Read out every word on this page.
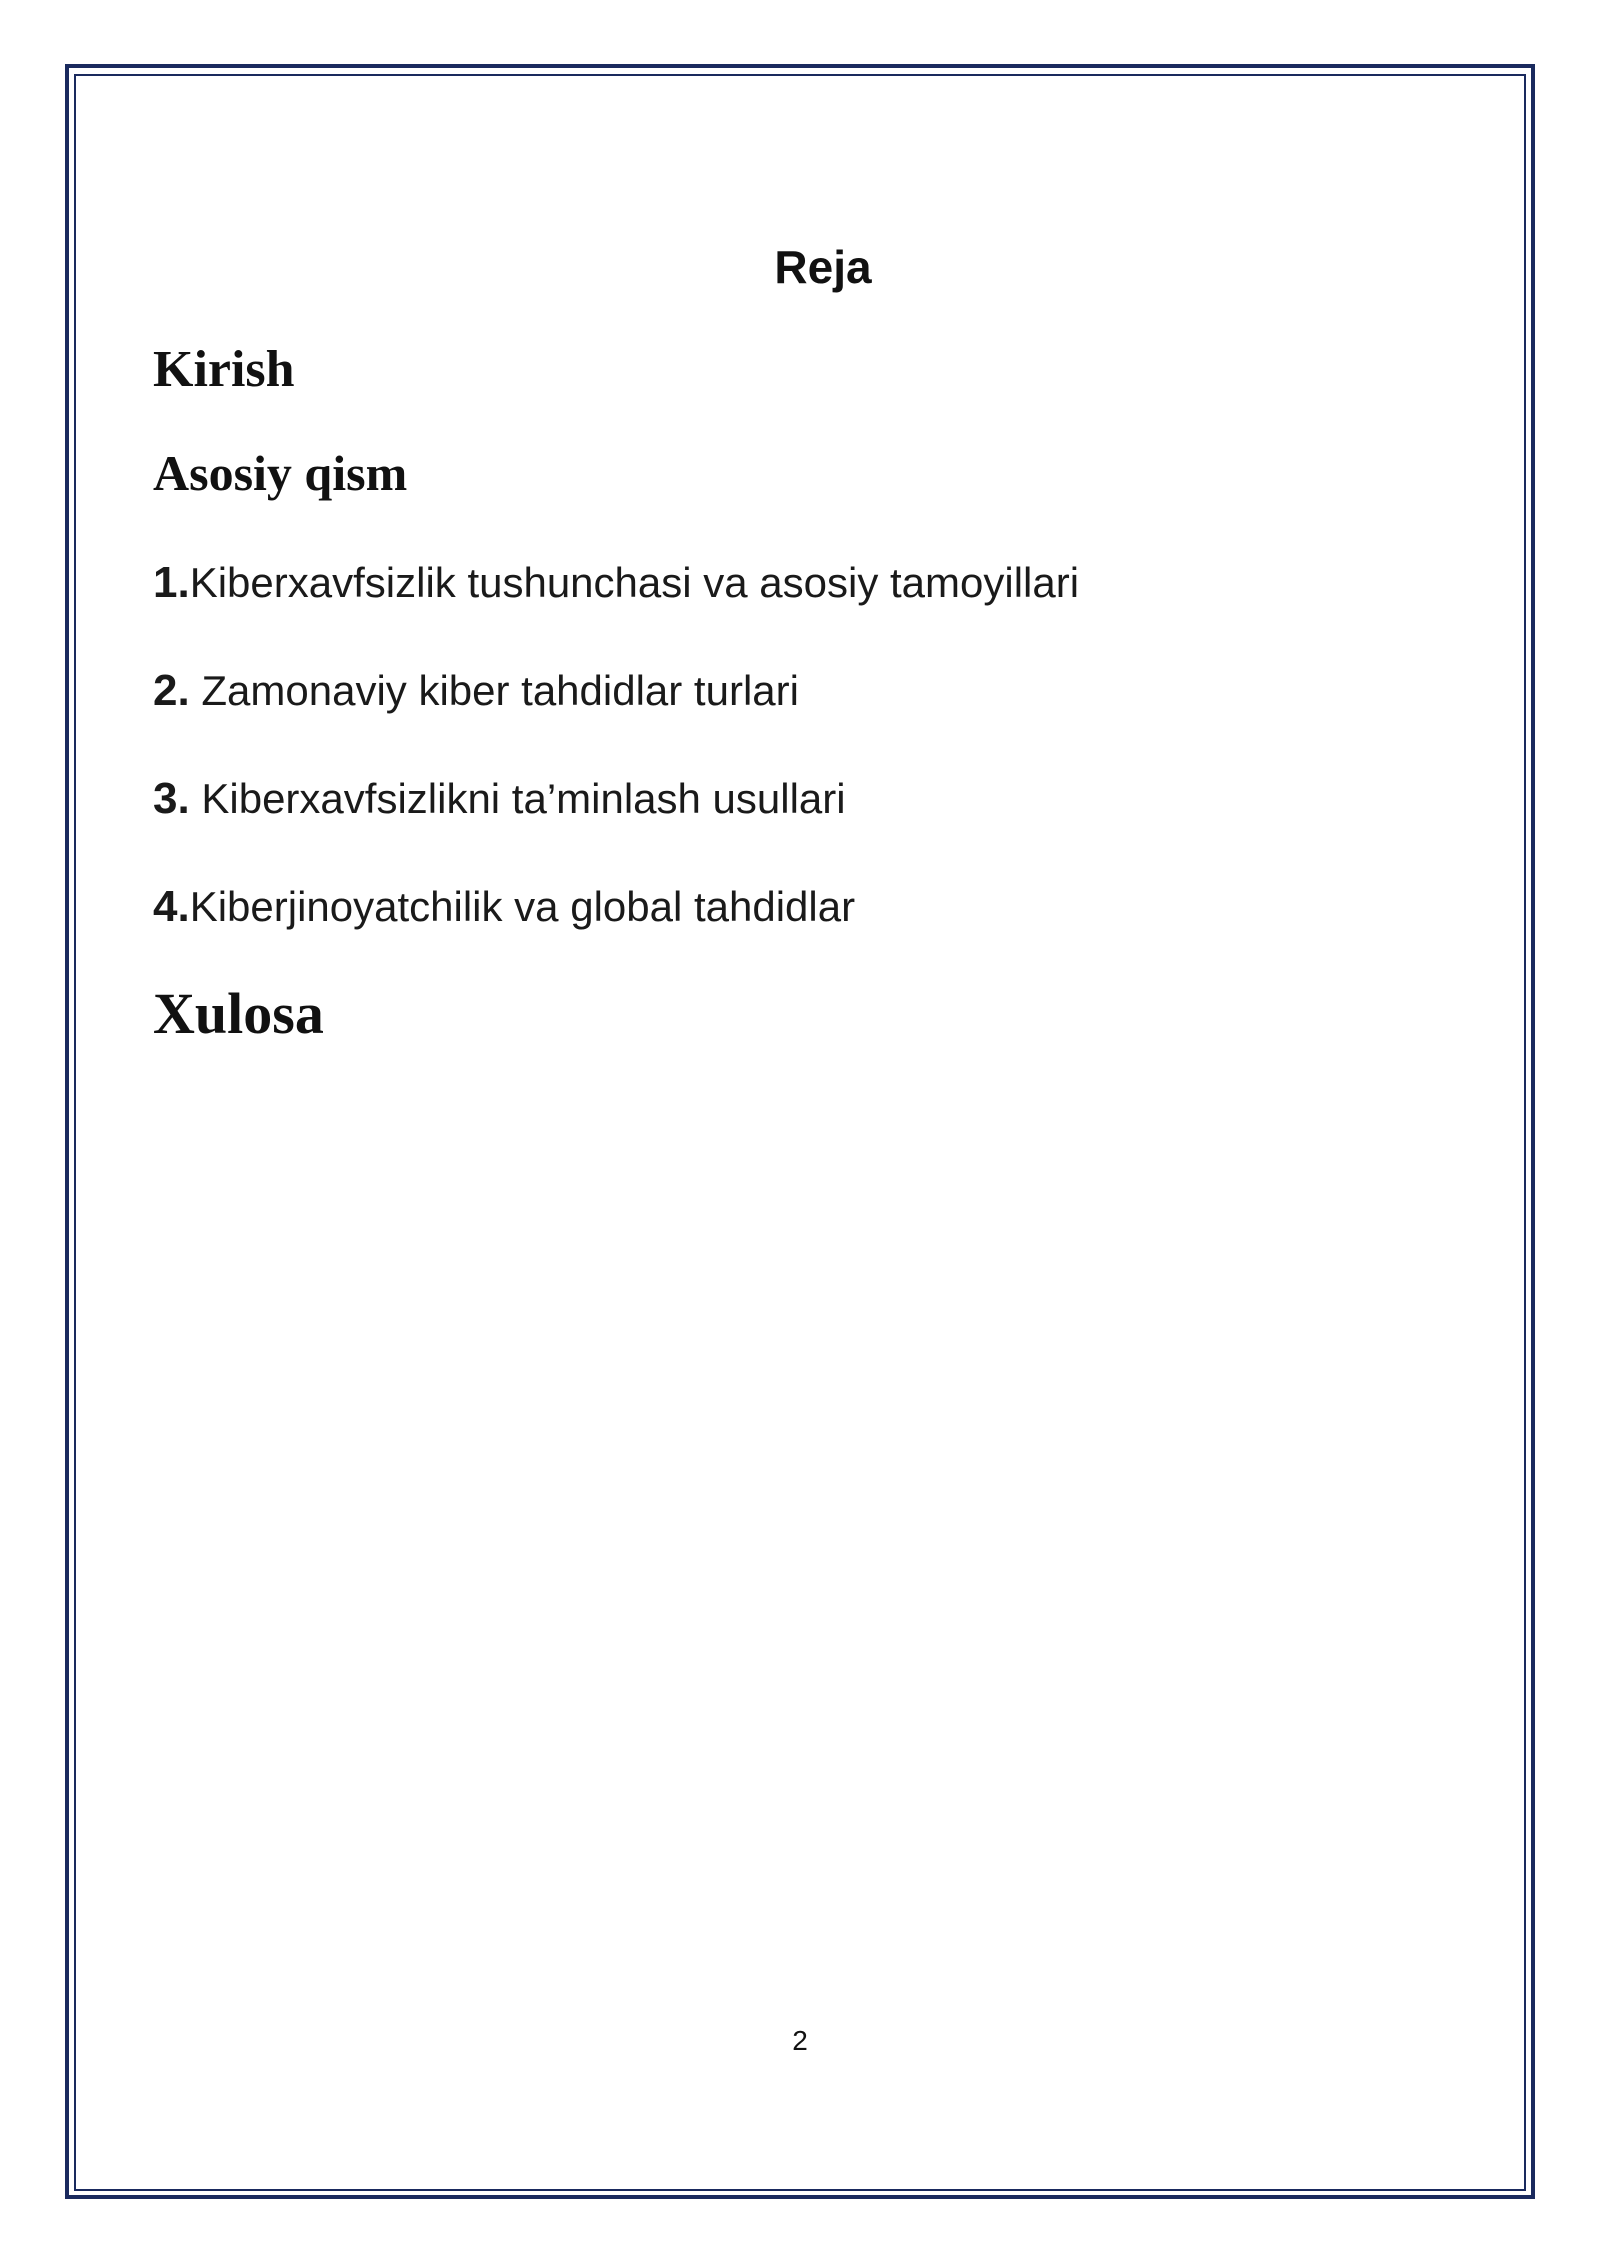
Reja
Kirish
Asosiy qism
1.Kiberxavfsizlik tushunchasi va asosiy tamoyillari
2. Zamonaviy kiber tahdidlar turlari
3. Kiberxavfsizlikni ta’minlash usullari
4.Kiberjinoyatchilik va global tahdidlar
Xulosa
2
